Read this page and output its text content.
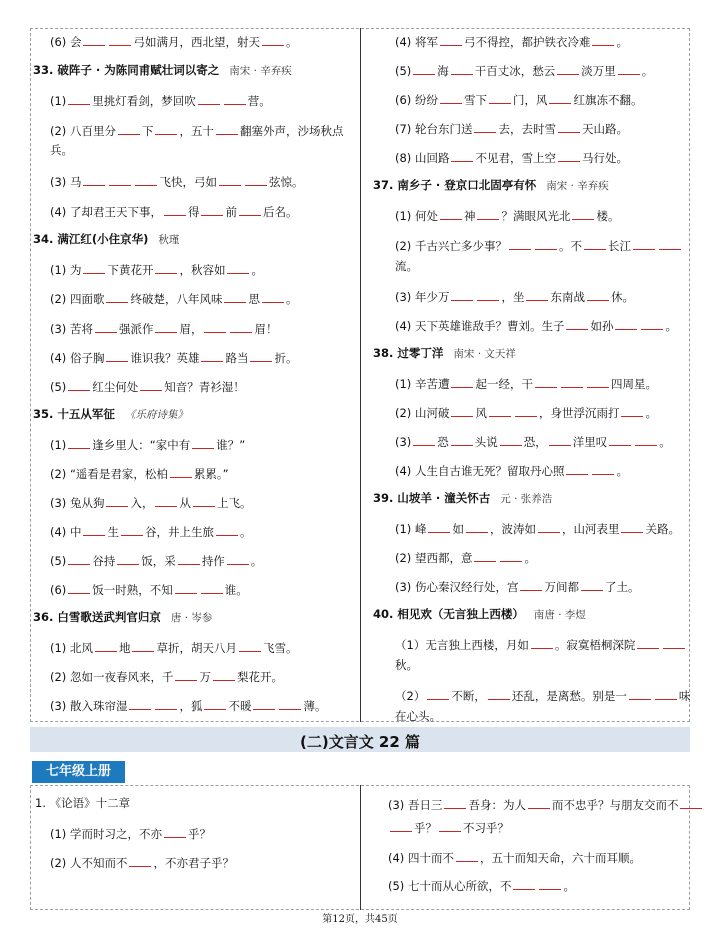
(6) 会	弓如满月，西北望，射天 。
33. 破阵子 · 为陈同甫赋壮词以寄之 南宋 · 辛弃疾
(1) 里挑灯看剑，梦回吹	营。
(2) 八百里分 下 ，五十 翻塞外声，沙场秋点
兵。
(3) 马	飞快，弓如	弦惊。
(4) 了却君王天下事， 得 前 后名。
34. 满江红(小住京华) 秋瑾
(1) 为 下黄花开 ，秋容如 。
(2) 四面歌 终破楚，八年风味 思 。
(3) 苦将 强派作 眉，	眉！
(4) 俗子胸 谁识我？英雄 路当 折。
(5) 红尘何处 知音？青衫湿！
35. 十五从军征 《乐府诗集》
(1) 逢乡里人：“家中有 谁？”
(2) “遥看是君家，松柏 累累。”
(3) 兔从狗 入， 从 上飞。
(4) 中 生 谷，井上生旅 。
(5) 谷持 饭，采 持作 。
(6) 饭一时熟，不知	谁。
36. 白雪歌送武判官归京 唐 · 岑参
(1) 北风 地 草折，胡天八月 飞雪。
(2) 忽如一夜春风来，千 万 梨花开。
(3) 散入珠帘湿	，狐 不暖	薄。
(4) 将军 弓不得控，都护铁衣冷难 。
(5) 海 干百丈冰，愁云 淡万里 。
(6) 纷纷 雪下 门，风 红旗冻不翻。
(7) 轮台东门送 去，去时雪 天山路。
(8) 山回路 不见君，雪上空 马行处。
37. 南乡子 · 登京口北固亭有怀 南宋 · 辛弃疾
(1) 何处 神 ？满眼风光北 楼。
(2) 千古兴亡多少事？	。不 长江
流。
(3) 年少万	，坐 东南战 休。
(4) 天下英雄谁敌手？曹刘。生子 如孙	。
38. 过零丁洋 南宋 · 文天祥
(1) 辛苦遭 起一经，干	四周星。
(2) 山河破 风	，身世浮沉雨打 。
(3) 恐 头说 恐， 洋里叹	。
(4) 人生自古谁无死？留取丹心照	。
39. 山坡羊 · 潼关怀古 元 · 张养浩
(1) 峰 如 ，波涛如 ，山河表里 关路。
(2) 望西都，意	。
(3) 伤心秦汉经行处，宫 万间都 了土。
40. 相见欢（无言独上西楼） 南唐 · 李煜
（1）无言独上西楼，月如 。寂寞梧桐深院
秋。
（2） 不断， 还乱，是离愁。别是一	味
在心头。
(二)文言文 22 篇
七年级上册
1. 《论语》十二章
(1) 学而时习之，不亦 乎？
(2) 人不知而不 ，不亦君子乎？
(3) 吾日三 吾身：为人 而不忠乎？与朋友交而不
乎？ 不习乎？
(4) 四十而不 ，五十而知天命，六十而耳顺。
(5) 七十而从心所欲，不	。
第12页，共45页
